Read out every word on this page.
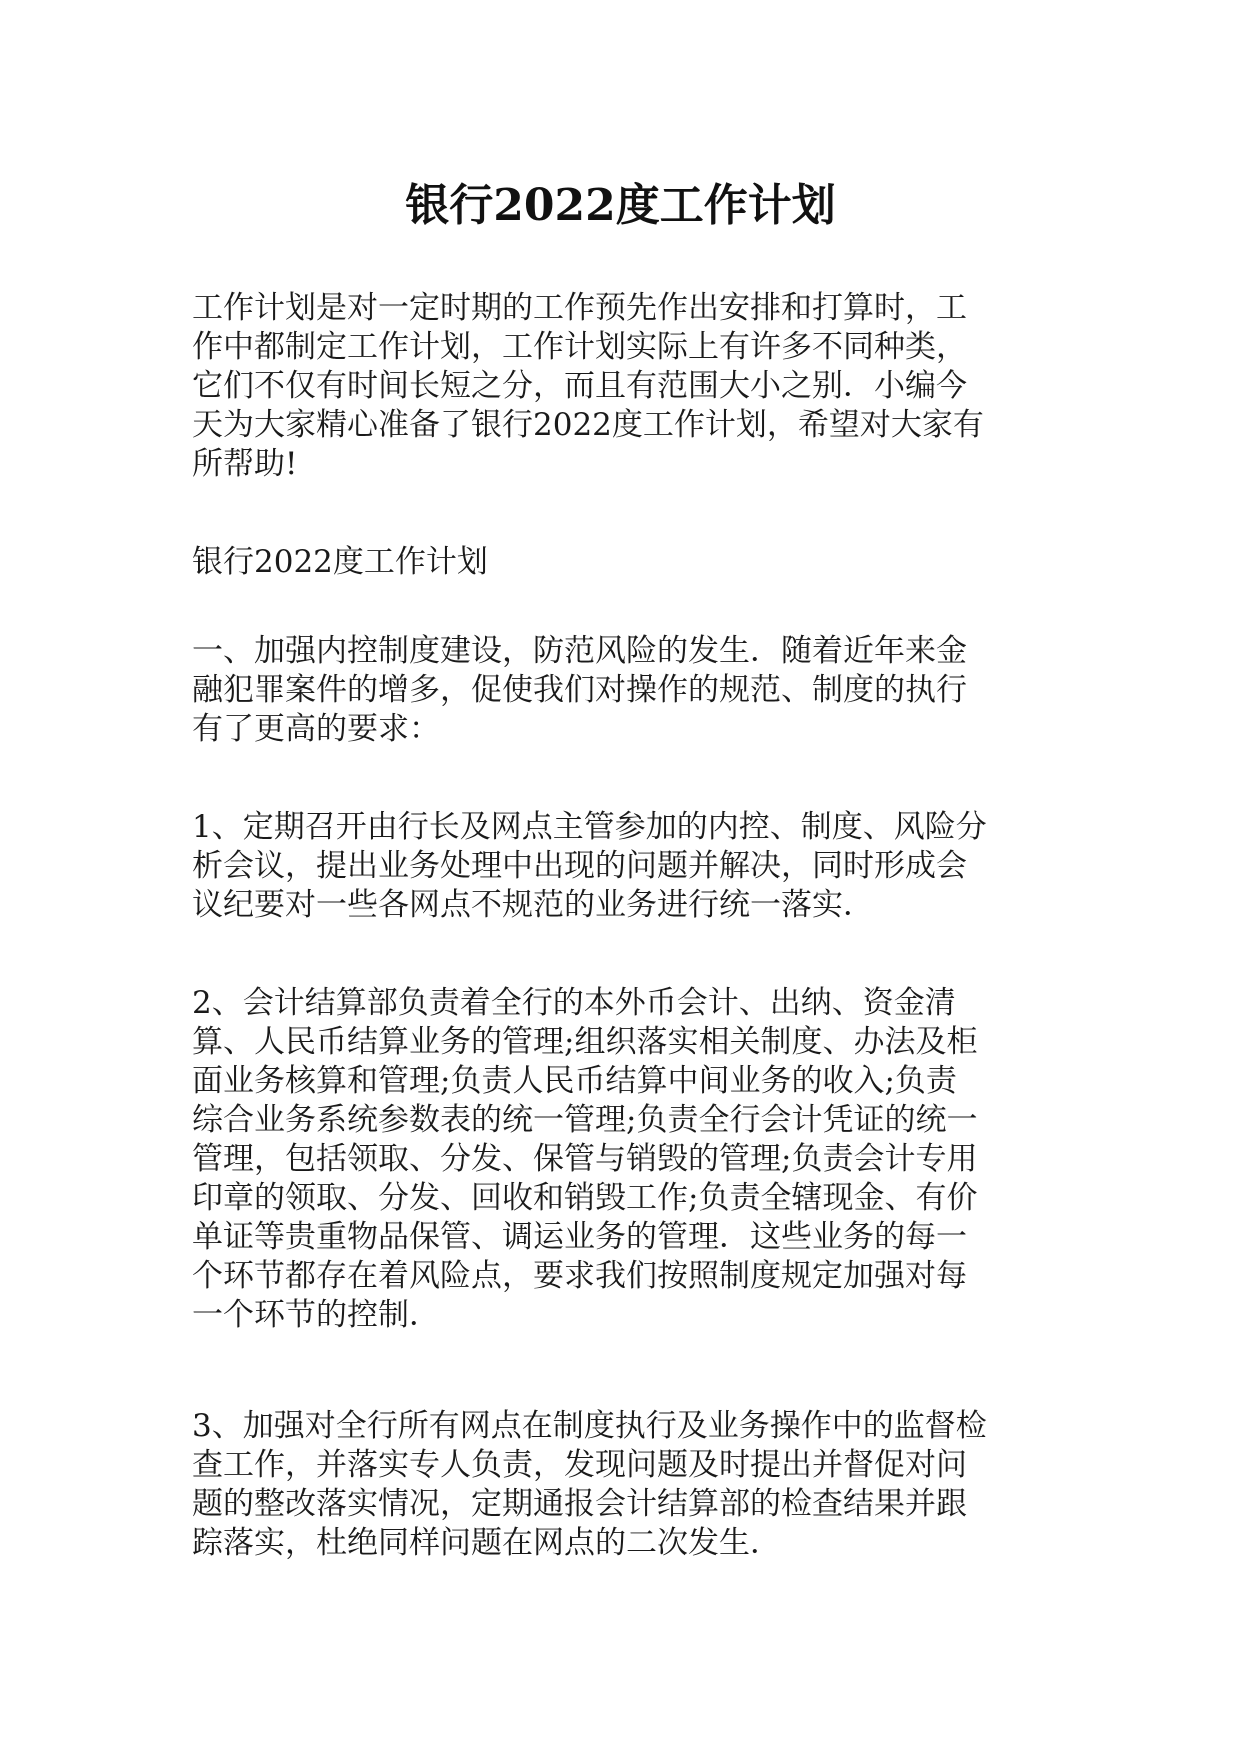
银行2022度工作计划
工作计划是对一定时期的工作预先作出安排和打算时，工
作中都制定工作计划，工作计划实际上有许多不同种类，
它们不仅有时间长短之分，而且有范围大小之别．小编今
天为大家精心准备了银行2022度工作计划，希望对大家有
所帮助!
银行2022度工作计划
一、加强内控制度建设，防范风险的发生．随着近年来金
融犯罪案件的增多，促使我们对操作的规范、制度的执行
有了更高的要求：
1、定期召开由行长及网点主管参加的内控、制度、风险分
析会议，提出业务处理中出现的问题并解决，同时形成会
议纪要对一些各网点不规范的业务进行统一落实．
2、会计结算部负责着全行的本外币会计、出纳、资金清
算、人民币结算业务的管理;组织落实相关制度、办法及柜
面业务核算和管理;负责人民币结算中间业务的收入;负责
综合业务系统参数表的统一管理;负责全行会计凭证的统一
管理，包括领取、分发、保管与销毁的管理;负责会计专用
印章的领取、分发、回收和销毁工作;负责全辖现金、有价
单证等贵重物品保管、调运业务的管理．这些业务的每一
个环节都存在着风险点，要求我们按照制度规定加强对每
一个环节的控制．
3、加强对全行所有网点在制度执行及业务操作中的监督检
查工作，并落实专人负责，发现问题及时提出并督促对问
题的整改落实情况，定期通报会计结算部的检查结果并跟
踪落实，杜绝同样问题在网点的二次发生．
